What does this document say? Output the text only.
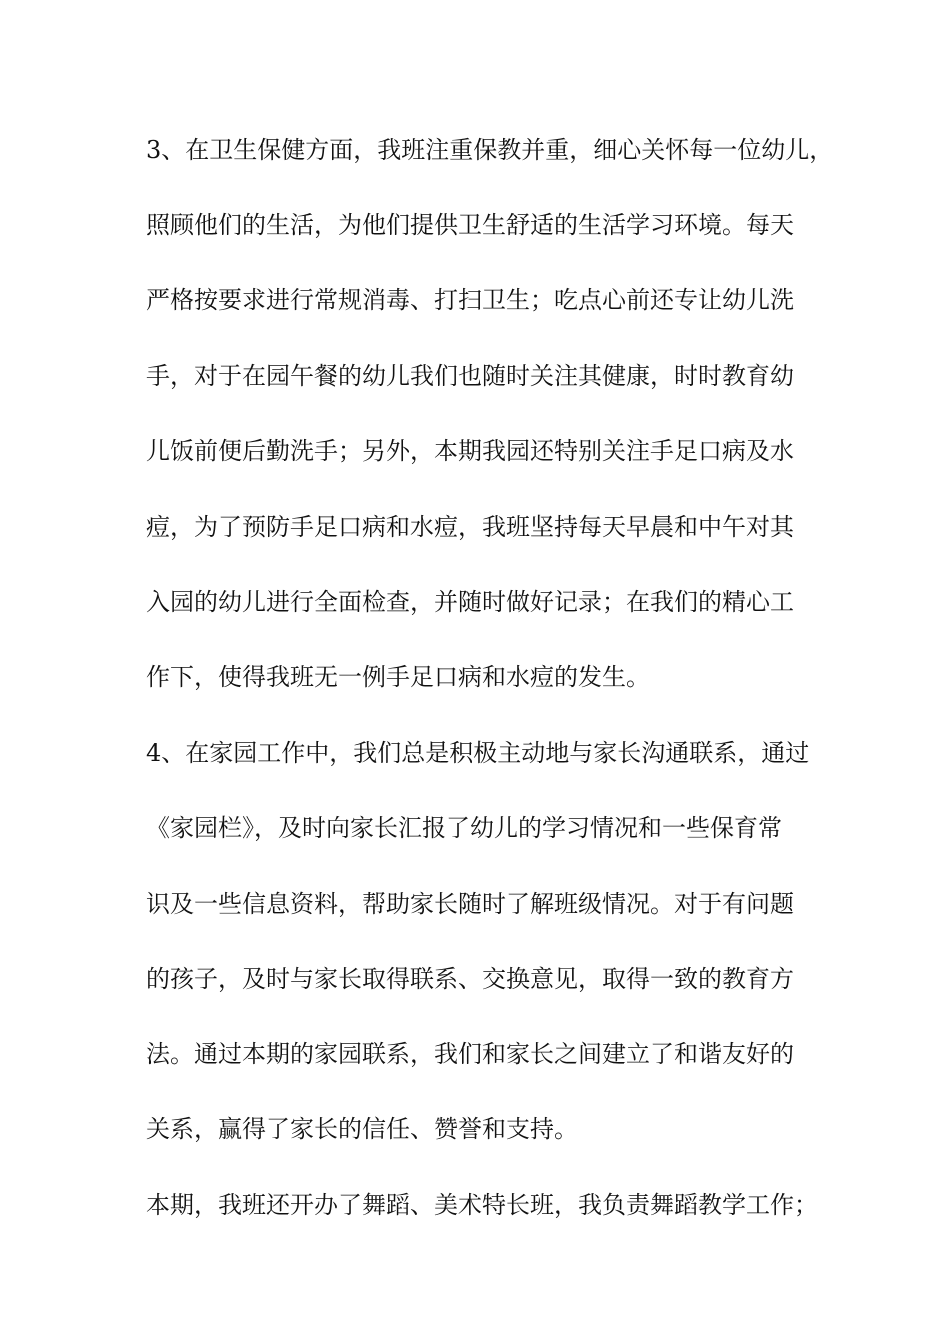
3、在卫生保健方面，我班注重保教并重，细心关怀每一位幼儿，
照顾他们的生活，为他们提供卫生舒适的生活学习环境。每天
严格按要求进行常规消毒、打扫卫生；吃点心前还专让幼儿洗
手，对于在园午餐的幼儿我们也随时关注其健康，时时教育幼
儿饭前便后勤洗手；另外，本期我园还特别关注手足口病及水
痘，为了预防手足口病和水痘，我班坚持每天早晨和中午对其
入园的幼儿进行全面检查，并随时做好记录；在我们的精心工
作下，使得我班无一例手足口病和水痘的发生。
4、在家园工作中，我们总是积极主动地与家长沟通联系，通过
《家园栏》，及时向家长汇报了幼儿的学习情况和一些保育常
识及一些信息资料，帮助家长随时了解班级情况。对于有问题
的孩子，及时与家长取得联系、交换意见，取得一致的教育方
法。通过本期的家园联系，我们和家长之间建立了和谐友好的
关系，赢得了家长的信任、赞誉和支持。
本期，我班还开办了舞蹈、美术特长班，我负责舞蹈教学工作；
